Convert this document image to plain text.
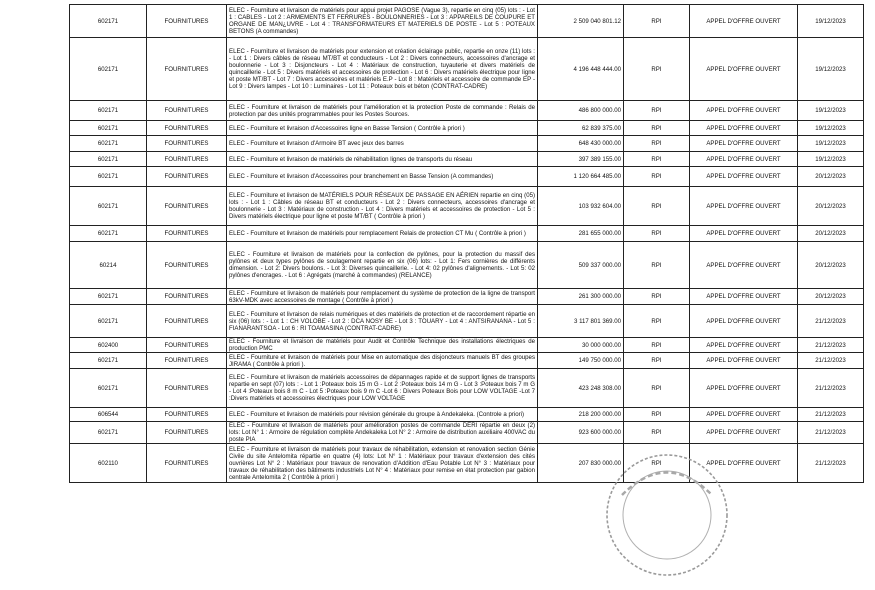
602171	FOURNITURES	ELEC - Fourniture et livraison de matériels pour appui projet PAGOSE (Vague 3), repartie en cinq (05) lots : - Lot 1 : CABLES - Lot 2 : ARMEMENTS ET FERRURES - BOULONNERIES - Lot 3 : APPAREILS DE COUPURE ET ORGANE DE MAN¿UVRE - Lot 4 : TRANSFORMATEURS ET MATERIELS DE POSTE - Lot 5 : POTEAUX BETONS (A commandes)	2 509 040 801.12	RPI	APPEL D'OFFRE OUVERT	19/12/2023
602171	FOURNITURES	ELEC - Fourniture et livraison de matériels pour extension et création éclairage public, repartie en onze (11) lots : - Lot 1 : Divers câbles de réseau MT/BT et conducteurs - Lot 2 : Divers connecteurs, accessoires d'ancrage et boulonnerie - Lot 3 : Disjoncteurs - Lot 4 : Matériaux de construction, tuyauterie et divers matériels de quincaillerie - Lot 5 : Divers matériels et accessoires de protection - Lot 6 : Divers matériels électrique pour ligne et poste MT/BT - Lot 7 : Divers accessoires et matériels E.P - Lot 8 : Matériels et accessoire de commande EP - Lot 9 : Divers lampes - Lot 10 : Luminaires - Lot 11 : Poteaux bois et béton (CONTRAT-CADRE)	4 196 448 444.00	RPI	APPEL D'OFFRE OUVERT	19/12/2023
602171	FOURNITURES	ELEC - Fourniture et livraison de matériels pour l'amélioration et la protection Poste de commande : Relais de protection par des unités programmables pour les Postes Sources.	486 800 000.00	RPI	APPEL D'OFFRE OUVERT	19/12/2023
602171	FOURNITURES	ELEC - Fourniture et livraison d'Accessoires ligne en Basse Tension ( Contrôle à priori )	62 839 375.00	RPI	APPEL D'OFFRE OUVERT	19/12/2023
602171	FOURNITURES	ELEC - Fourniture et livraison d'Armoire BT avec jeux des barres	648 430 000.00	RPI	APPEL D'OFFRE OUVERT	19/12/2023
602171	FOURNITURES	ELEC - Fourniture et livraison de matériels de réhabilitation lignes de transports du réseau	397 389 155.00	RPI	APPEL D'OFFRE OUVERT	19/12/2023
602171	FOURNITURES	ELEC - Fourniture et livraison d'Accessoires pour branchement en Basse Tension (A commandes)	1 120 664 485.00	RPI	APPEL D'OFFRE OUVERT	20/12/2023
602171	FOURNITURES	ELEC - Fourniture et livraison de MATÉRIELS POUR RÉSEAUX DE PASSAGE EN AÉRIEN repartie en cinq (05) lots : - Lot 1 : Câbles de réseau BT et conducteurs - Lot 2 : Divers connecteurs, accessoires d'ancrage et boulonnerie - Lot 3 : Matériaux de construction - Lot 4 : Divers matériels et accessoires de protection - Lot 5 : Divers matériels électrique pour ligne et poste MT/BT ( Contrôle à priori )	103 932 604.00	RPI	APPEL D'OFFRE OUVERT	20/12/2023
602171	FOURNITURES	ELEC - Fourniture et livraison de matériels pour remplacement Relais de protection CT Mu ( Contrôle à priori )	281 655 000.00	RPI	APPEL D'OFFRE OUVERT	20/12/2023
60214	FOURNITURES	ELEC - Fourniture et livraison de matériels pour la confection de pylônes, pour la protection du massif des pylônes et deux types pylônes de soulagement repartie en six (06) lots: - Lot 1: Fers cornières de différents dimension. - Lot 2: Divers boulons. - Lot 3: Diverses quincaillerie. - Lot 4: 02 pylônes d'alignements. - Lot 5: 02 pylônes d'encrages. - Lot 6 : Agrégats (marché à commandes) (RELANCE)	509 337 000.00	RPI	APPEL D'OFFRE OUVERT	20/12/2023
602171	FOURNITURES	ELEC - Fourniture et livraison de matériels pour remplacement du système de protection de la ligne de transport 63kV-MDK avec accessoires de montage ( Contrôle à priori )	261 300 000.00	RPI	APPEL D'OFFRE OUVERT	20/12/2023
602171	FOURNITURES	ELEC - Fourniture et livraison de relais numériques et des matériels de protection et de raccordement répartie en six (06) lots : - Lot 1 : CH VOLOBE - Lot 2 : DCA NOSY BE - Lot 3 : TOUARY - Lot 4 : ANTSIRANANA - Lot 5 : FIANARANTSOA - Lot 6 : RI TOAMASINA (CONTRAT-CADRE)	3 117 801 369.00	RPI	APPEL D'OFFRE OUVERT	21/12/2023
602400	FOURNITURES	ELEC - Fourniture et livraison de matériels pour Audit et Contrôle Technique des installations électriques de production PMC	30 000 000.00	RPI	APPEL D'OFFRE OUVERT	21/12/2023
602171	FOURNITURES	ELEC - Fourniture et livraison de matériels pour Mise en automatique des disjoncteurs manuels BT des groupes JIRAMA ( Contrôle à priori ).	149 750 000.00	RPI	APPEL D'OFFRE OUVERT	21/12/2023
602171	FOURNITURES	ELEC - Fourniture et livraison de matériels accessoires de dépannages rapide et de support lignes de transports repartie en sept (07) lots : - Lot 1 :Poteaux bois 15 m G - Lot 2 :Poteaux bois 14 m G - Lot 3 :Poteaux bois 7 m G - Lot 4 :Poteaux bois 8 m C - Lot 5 :Poteaux bois 9 m C -Lot 6 : Divers Poteaux Bois pour LOW VOLTAGE -Lot 7 :Divers matériels et accessoires électriques pour LOW VOLTAGE	423 248 308.00	RPI	APPEL D'OFFRE OUVERT	21/12/2023
606544	FOURNITURES	ELEC - Fourniture et livraison de matériels pour révision générale du groupe à Andekaleka. (Controle a priori)	218 200 000.00	RPI	APPEL D'OFFRE OUVERT	21/12/2023
602171	FOURNITURES	ELEC - Fourniture et livraison de matériels pour amélioration postes de commande DERI répartie en deux (2) lots: Lot N° 1 : Armoire de régulation complète Andekaleka Lot N° 2 : Armoire de distribution auxiliaire 400VAC du poste PIA	923 600 000.00	RPI	APPEL D'OFFRE OUVERT	21/12/2023
602110	FOURNITURES	ELEC - Fourniture et livraison de matériels pour travaux de réhabilitation, extension et renovation section Génie Civile du site Antelomita répartie en quatre (4) lots: Lot N° 1 : Matériaux pour travaux d'extension des cités ouvrières Lot N° 2 : Matériaux pour travaux de renovation d'Addition d'Eau Potable Lot N° 3 : Matériaux pour travaux de réhabilitation des bâtiments industriels Lot N° 4 : Matériaux pour remise en état protection par gabion centrale Antelomita 2 ( Contrôle à priori )	207 830 000.00	RPI	APPEL D'OFFRE OUVERT	21/12/2023
